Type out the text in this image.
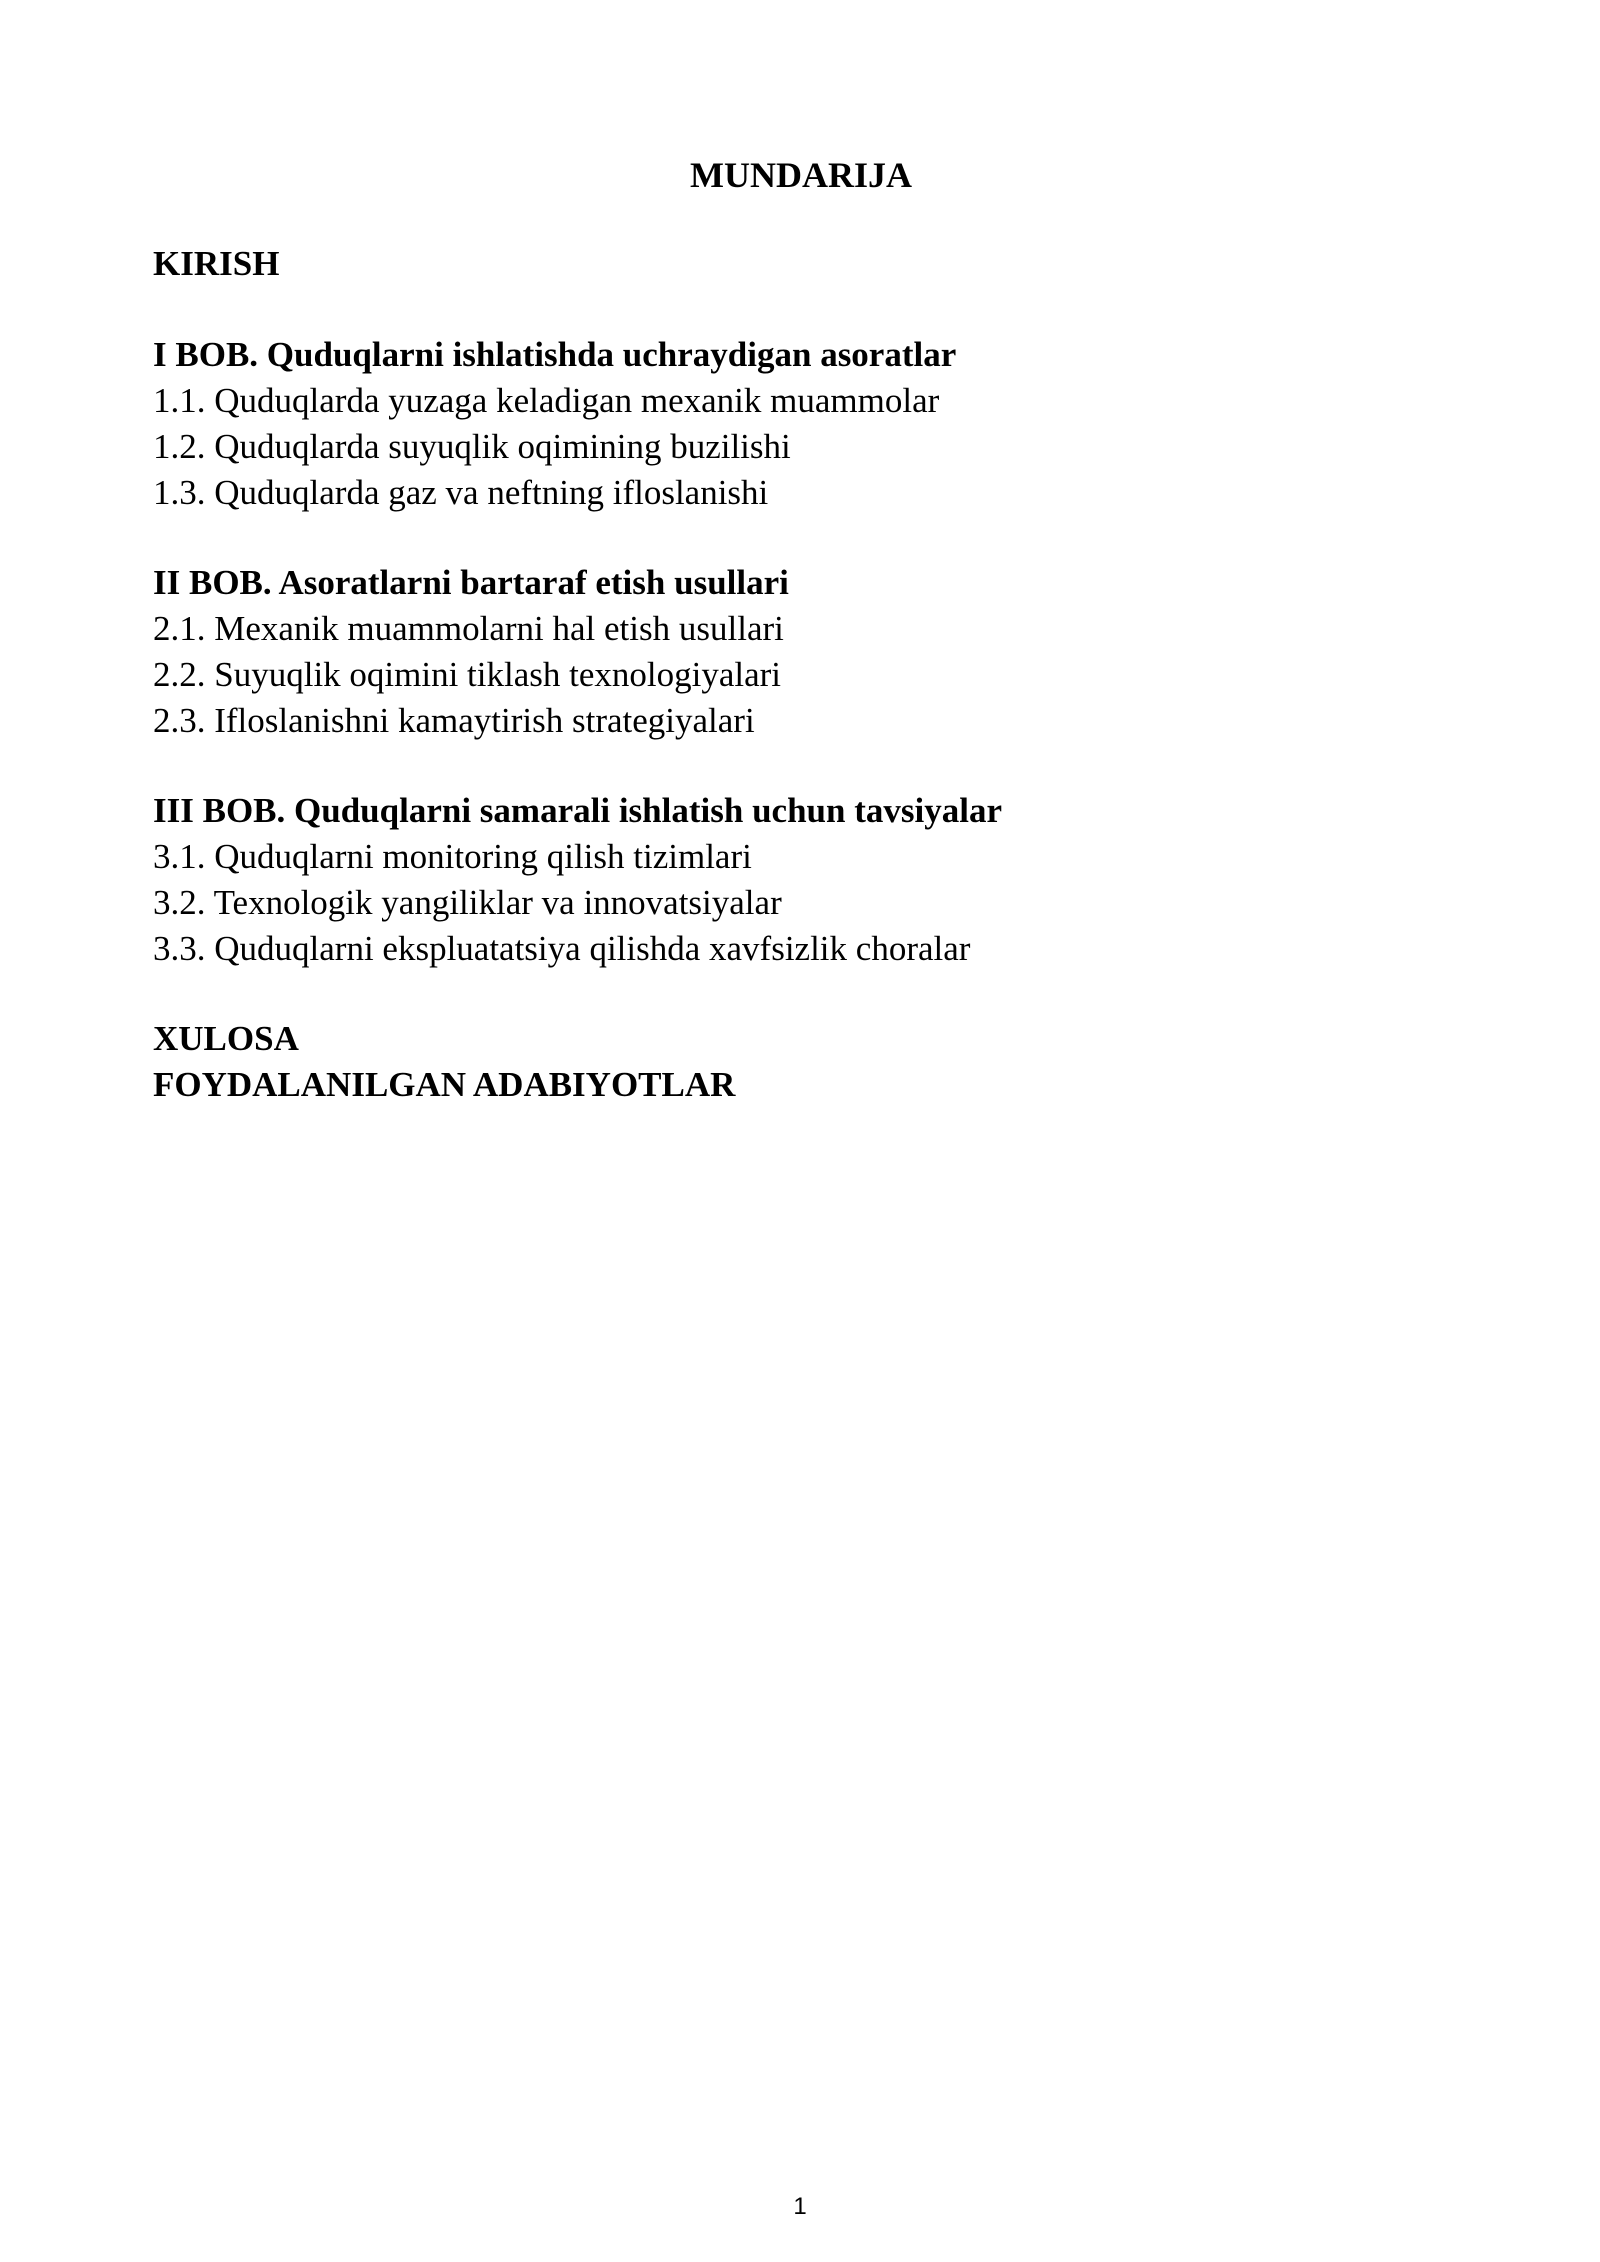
MUNDARIJA
KIRISH
I BOB. Quduqlarni ishlatishda uchraydigan asoratlar
1.1. Quduqlarda yuzaga keladigan mexanik muammolar
1.2. Quduqlarda suyuqlik oqimining buzilishi
1.3. Quduqlarda gaz va neftning ifloslanishi
II BOB. Asoratlarni bartaraf etish usullari
2.1. Mexanik muammolarni hal etish usullari
2.2. Suyuqlik oqimini tiklash texnologiyalari
2.3. Ifloslanishni kamaytirish strategiyalari
III BOB. Quduqlarni samarali ishlatish uchun tavsiyalar
3.1. Quduqlarni monitoring qilish tizimlari
3.2. Texnologik yangiliklar va innovatsiyalar
3.3. Quduqlarni ekspluatatsiya qilishda xavfsizlik choralar
XULOSA
FOYDALANILGAN ADABIYOTLAR
1
